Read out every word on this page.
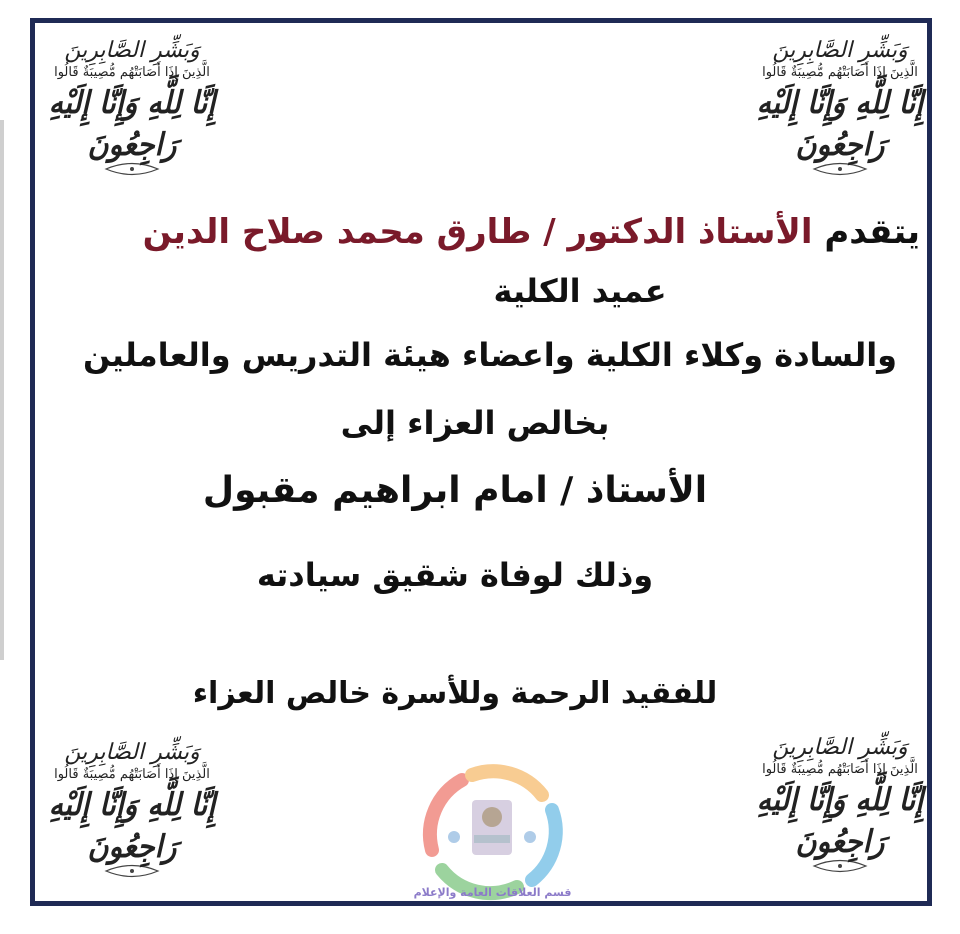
وَبَشِّرِ الصَّابِرِينَ
الَّذِينَ إِذَا أَصَابَتْهُم مُّصِيبَةٌ قَالُوا
إِنَّا لِلَّهِ وَإِنَّا إِلَيْهِ رَاجِعُونَ
وَبَشِّرِ الصَّابِرِينَ
الَّذِينَ إِذَا أَصَابَتْهُم مُّصِيبَةٌ قَالُوا
إِنَّا لِلَّهِ وَإِنَّا إِلَيْهِ رَاجِعُونَ
وَبَشِّرِ الصَّابِرِينَ
الَّذِينَ إِذَا أَصَابَتْهُم مُّصِيبَةٌ قَالُوا
إِنَّا لِلَّهِ وَإِنَّا إِلَيْهِ رَاجِعُونَ
وَبَشِّرِ الصَّابِرِينَ
الَّذِينَ إِذَا أَصَابَتْهُم مُّصِيبَةٌ قَالُوا
إِنَّا لِلَّهِ وَإِنَّا إِلَيْهِ رَاجِعُونَ
يتقدم الأستاذ الدكتور / طارق محمد صلاح الدين
عميد الكلية
والسادة وكلاء الكلية واعضاء هيئة التدريس والعاملين
بخالص العزاء إلى
الأستاذ / امام ابراهيم مقبول
وذلك لوفاة شقيق سيادته
للفقيد الرحمة وللأسرة خالص العزاء
قسم العلاقات العامة والإعلام
